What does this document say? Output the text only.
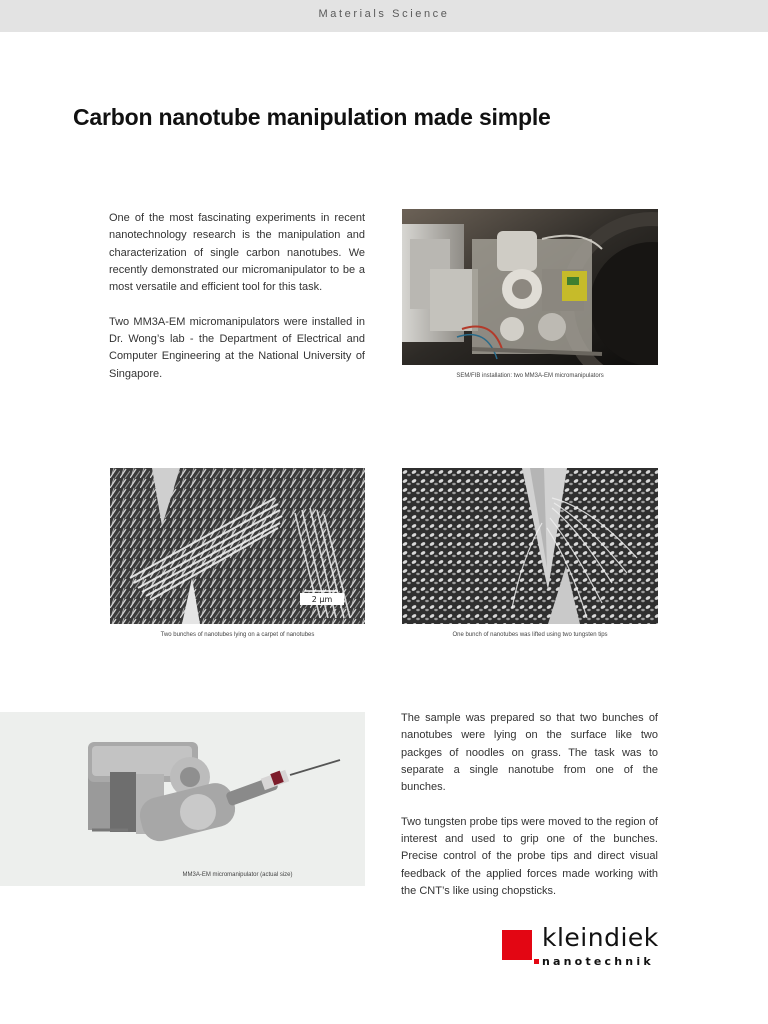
Materials Science
Carbon nanotube manipulation made simple

One of the most fascinating experiments in recent nanotechnology research is the manipulation and characterization of single carbon nanotubes. We recently demonstrated our micromanipulator to be a most versatile and efficient tool for this task.

Two MM3A-EM micromanipulators were installed in Dr. Wong’s lab - the Department of Electrical and Computer Engineering at the National University of Singapore.	SEM/FIB installation: two MM3A-EM micromanipulators
2 µm
Two bunches of nanotubes lying on a carpet of nanotubes	One bunch of nanotubes was lifted using two tungsten tips
MM3A-EM micromanipulator (actual size)

The sample was prepared so that two bunches of nanotubes were lying on the surface like two packges of noodles on grass. The task was to separate a single nanotube from one of the bunches.

Two tungsten probe tips were moved to the region of interest and used to grip one of the bunches. Precise control of the probe tips and direct visual feedback of the applied forces made working with the CNT’s like using chopsticks.

kleindiek
nanotechnik
